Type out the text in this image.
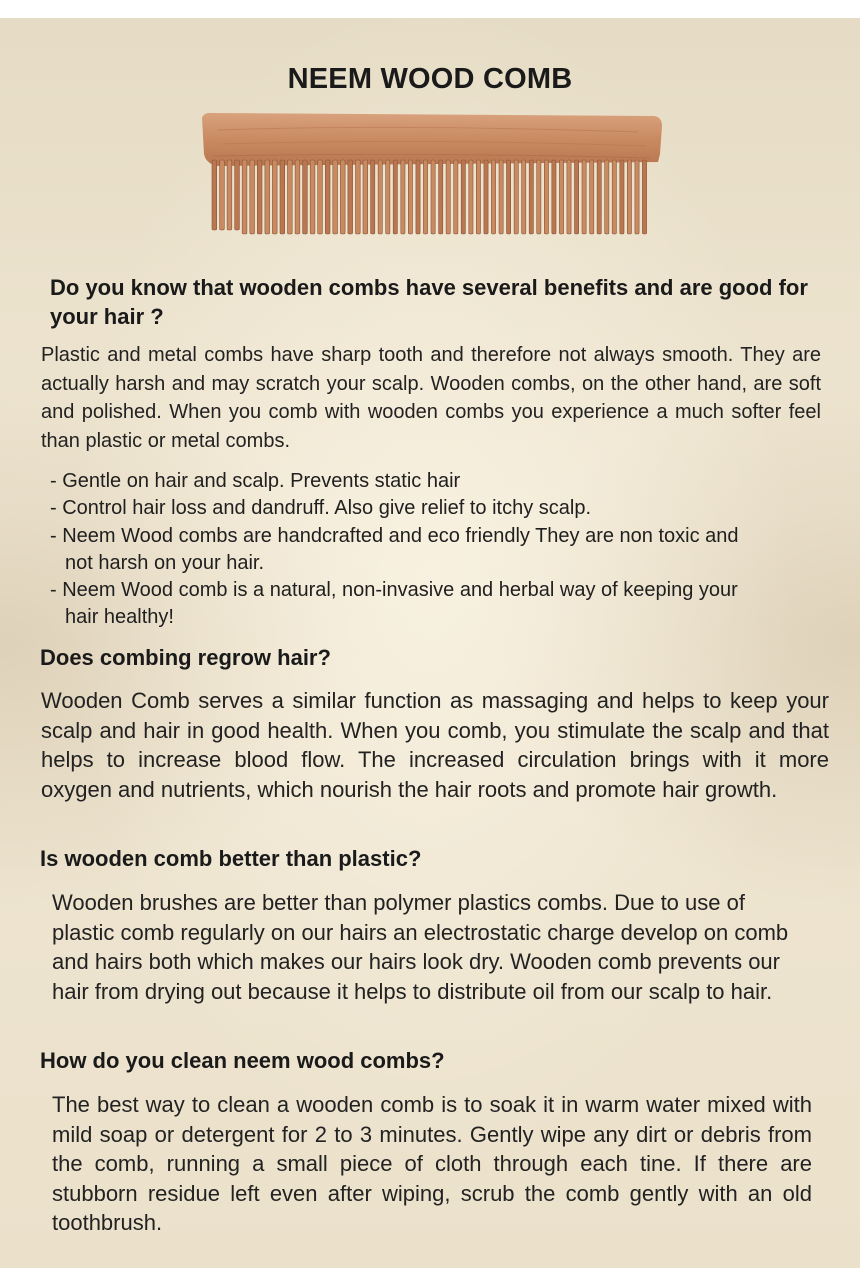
NEEM WOOD COMB
Do you know that wooden combs have several benefits and are good for your hair ?
Plastic and metal combs have sharp tooth and therefore not always smooth. They are actually harsh and may scratch your scalp. Wooden combs, on the other hand, are soft and polished. When you comb with wooden combs you experience a much softer feel than plastic or metal combs.
- Gentle on hair and scalp. Prevents static hair
- Control hair loss and dandruff. Also give relief to itchy scalp.
- Neem Wood combs are handcrafted and eco friendly They are non toxic and not harsh on your hair.
- Neem Wood comb is a natural, non-invasive and herbal way of keeping your hair healthy!
Does combing regrow hair?
Wooden Comb serves a similar function as massaging and helps to keep your scalp and hair in good health. When you comb, you stimulate the scalp and that helps to increase blood flow. The increased circulation brings with it more oxygen and nutrients, which nourish the hair roots and promote hair growth.
Is wooden comb better than plastic?
Wooden brushes are better than polymer plastics combs. Due to use of plastic comb regularly on our hairs an electrostatic charge develop on comb and hairs both which makes our hairs look dry. Wooden comb prevents our hair from drying out because it helps to distribute oil from our scalp to hair.
How do you clean neem wood combs?
The best way to clean a wooden comb is to soak it in warm water mixed with mild soap or detergent for 2 to 3 minutes. Gently wipe any dirt or debris from the comb, running a small piece of cloth through each tine. If there are stubborn residue left even after wiping, scrub the comb gently with an old toothbrush.
